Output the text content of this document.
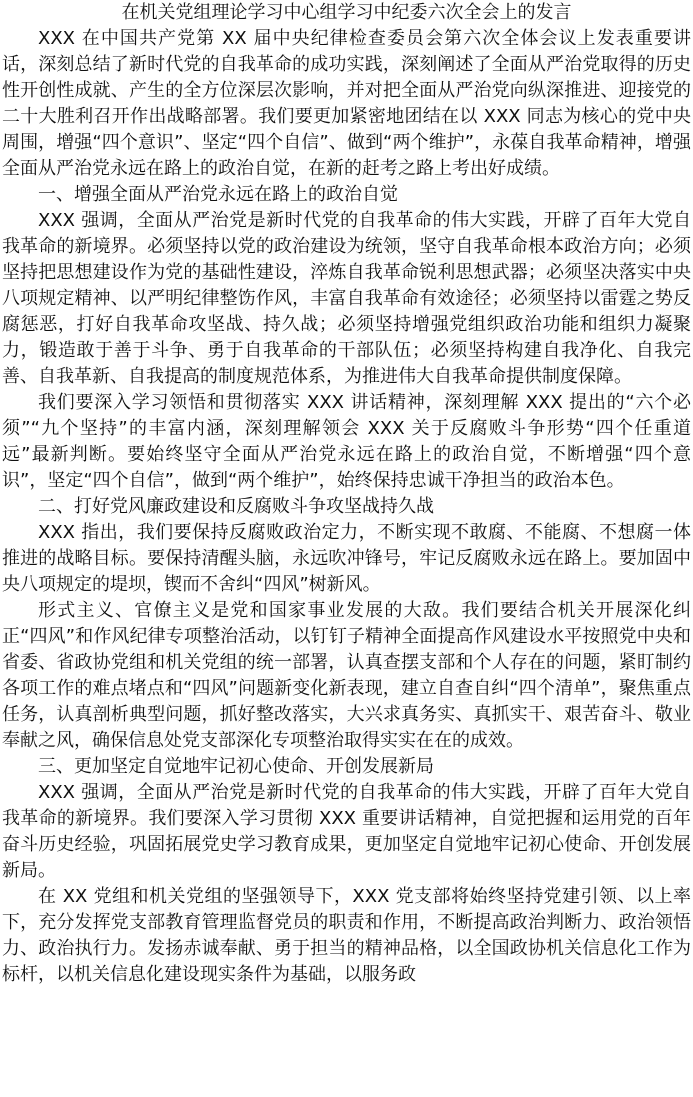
在机关党组理论学习中心组学习中纪委六次全会上的发言

XXX 在中国共产党第 XX 届中央纪律检查委员会第六次全体会议上发表重要讲话，深刻总结了新时代党的自我革命的成功实践，深刻阐述了全面从严治党取得的历史性开创性成就、产生的全方位深层次影响，并对把全面从严治党向纵深推进、迎接党的二十大胜利召开作出战略部署。我们要更加紧密地团结在以 XXX 同志为核心的党中央周围，增强“四个意识”、坚定“四个自信”、做到“两个维护”，永葆自我革命精神，增强全面从严治党永远在路上的政治自觉，在新的赶考之路上考出好成绩。

一、增强全面从严治党永远在路上的政治自觉

XXX 强调，全面从严治党是新时代党的自我革命的伟大实践，开辟了百年大党自我革命的新境界。必须坚持以党的政治建设为统领，坚守自我革命根本政治方向；必须坚持把思想建设作为党的基础性建设，淬炼自我革命锐利思想武器；必须坚决落实中央八项规定精神、以严明纪律整饬作风，丰富自我革命有效途径；必须坚持以雷霆之势反腐惩恶，打好自我革命攻坚战、持久战；必须坚持增强党组织政治功能和组织力凝聚力，锻造敢于善于斗争、勇于自我革命的干部队伍；必须坚持构建自我净化、自我完善、自我革新、自我提高的制度规范体系，为推进伟大自我革命提供制度保障。

我们要深入学习领悟和贯彻落实 XXX 讲话精神，深刻理解 XXX 提出的“六个必须”“九个坚持”的丰富内涵，深刻理解领会 XXX 关于反腐败斗争形势“四个任重道远”最新判断。要始终坚守全面从严治党永远在路上的政治自觉，不断增强“四个意识”，坚定“四个自信”，做到“两个维护”，始终保持忠诚干净担当的政治本色。

二、打好党风廉政建设和反腐败斗争攻坚战持久战

XXX 指出，我们要保持反腐败政治定力，不断实现不敢腐、不能腐、不想腐一体推进的战略目标。要保持清醒头脑，永远吹冲锋号，牢记反腐败永远在路上。要加固中央八项规定的堤坝，锲而不舍纠“四风”树新风。

形式主义、官僚主义是党和国家事业发展的大敌。我们要结合机关开展深化纠正“四风”和作风纪律专项整治活动，以钉钉子精神全面提高作风建设水平按照党中央和省委、省政协党组和机关党组的统一部署，认真查摆支部和个人存在的问题，紧盯制约各项工作的难点堵点和“四风”问题新变化新表现，建立自查自纠“四个清单”，聚焦重点任务，认真剖析典型问题，抓好整改落实，大兴求真务实、真抓实干、艰苦奋斗、敬业奉献之风，确保信息处党支部深化专项整治取得实实在在的成效。

三、更加坚定自觉地牢记初心使命、开创发展新局

XXX 强调，全面从严治党是新时代党的自我革命的伟大实践，开辟了百年大党自我革命的新境界。我们要深入学习贯彻 XXX 重要讲话精神，自觉把握和运用党的百年奋斗历史经验，巩固拓展党史学习教育成果，更加坚定自觉地牢记初心使命、开创发展新局。

在 XX 党组和机关党组的坚强领导下，XXX 党支部将始终坚持党建引领、以上率下，充分发挥党支部教育管理监督党员的职责和作用，不断提高政治判断力、政治领悟力、政治执行力。发扬赤诚奉献、勇于担当的精神品格，以全国政协机关信息化工作为标杆，以机关信息化建设现实条件为基础，以服务政
